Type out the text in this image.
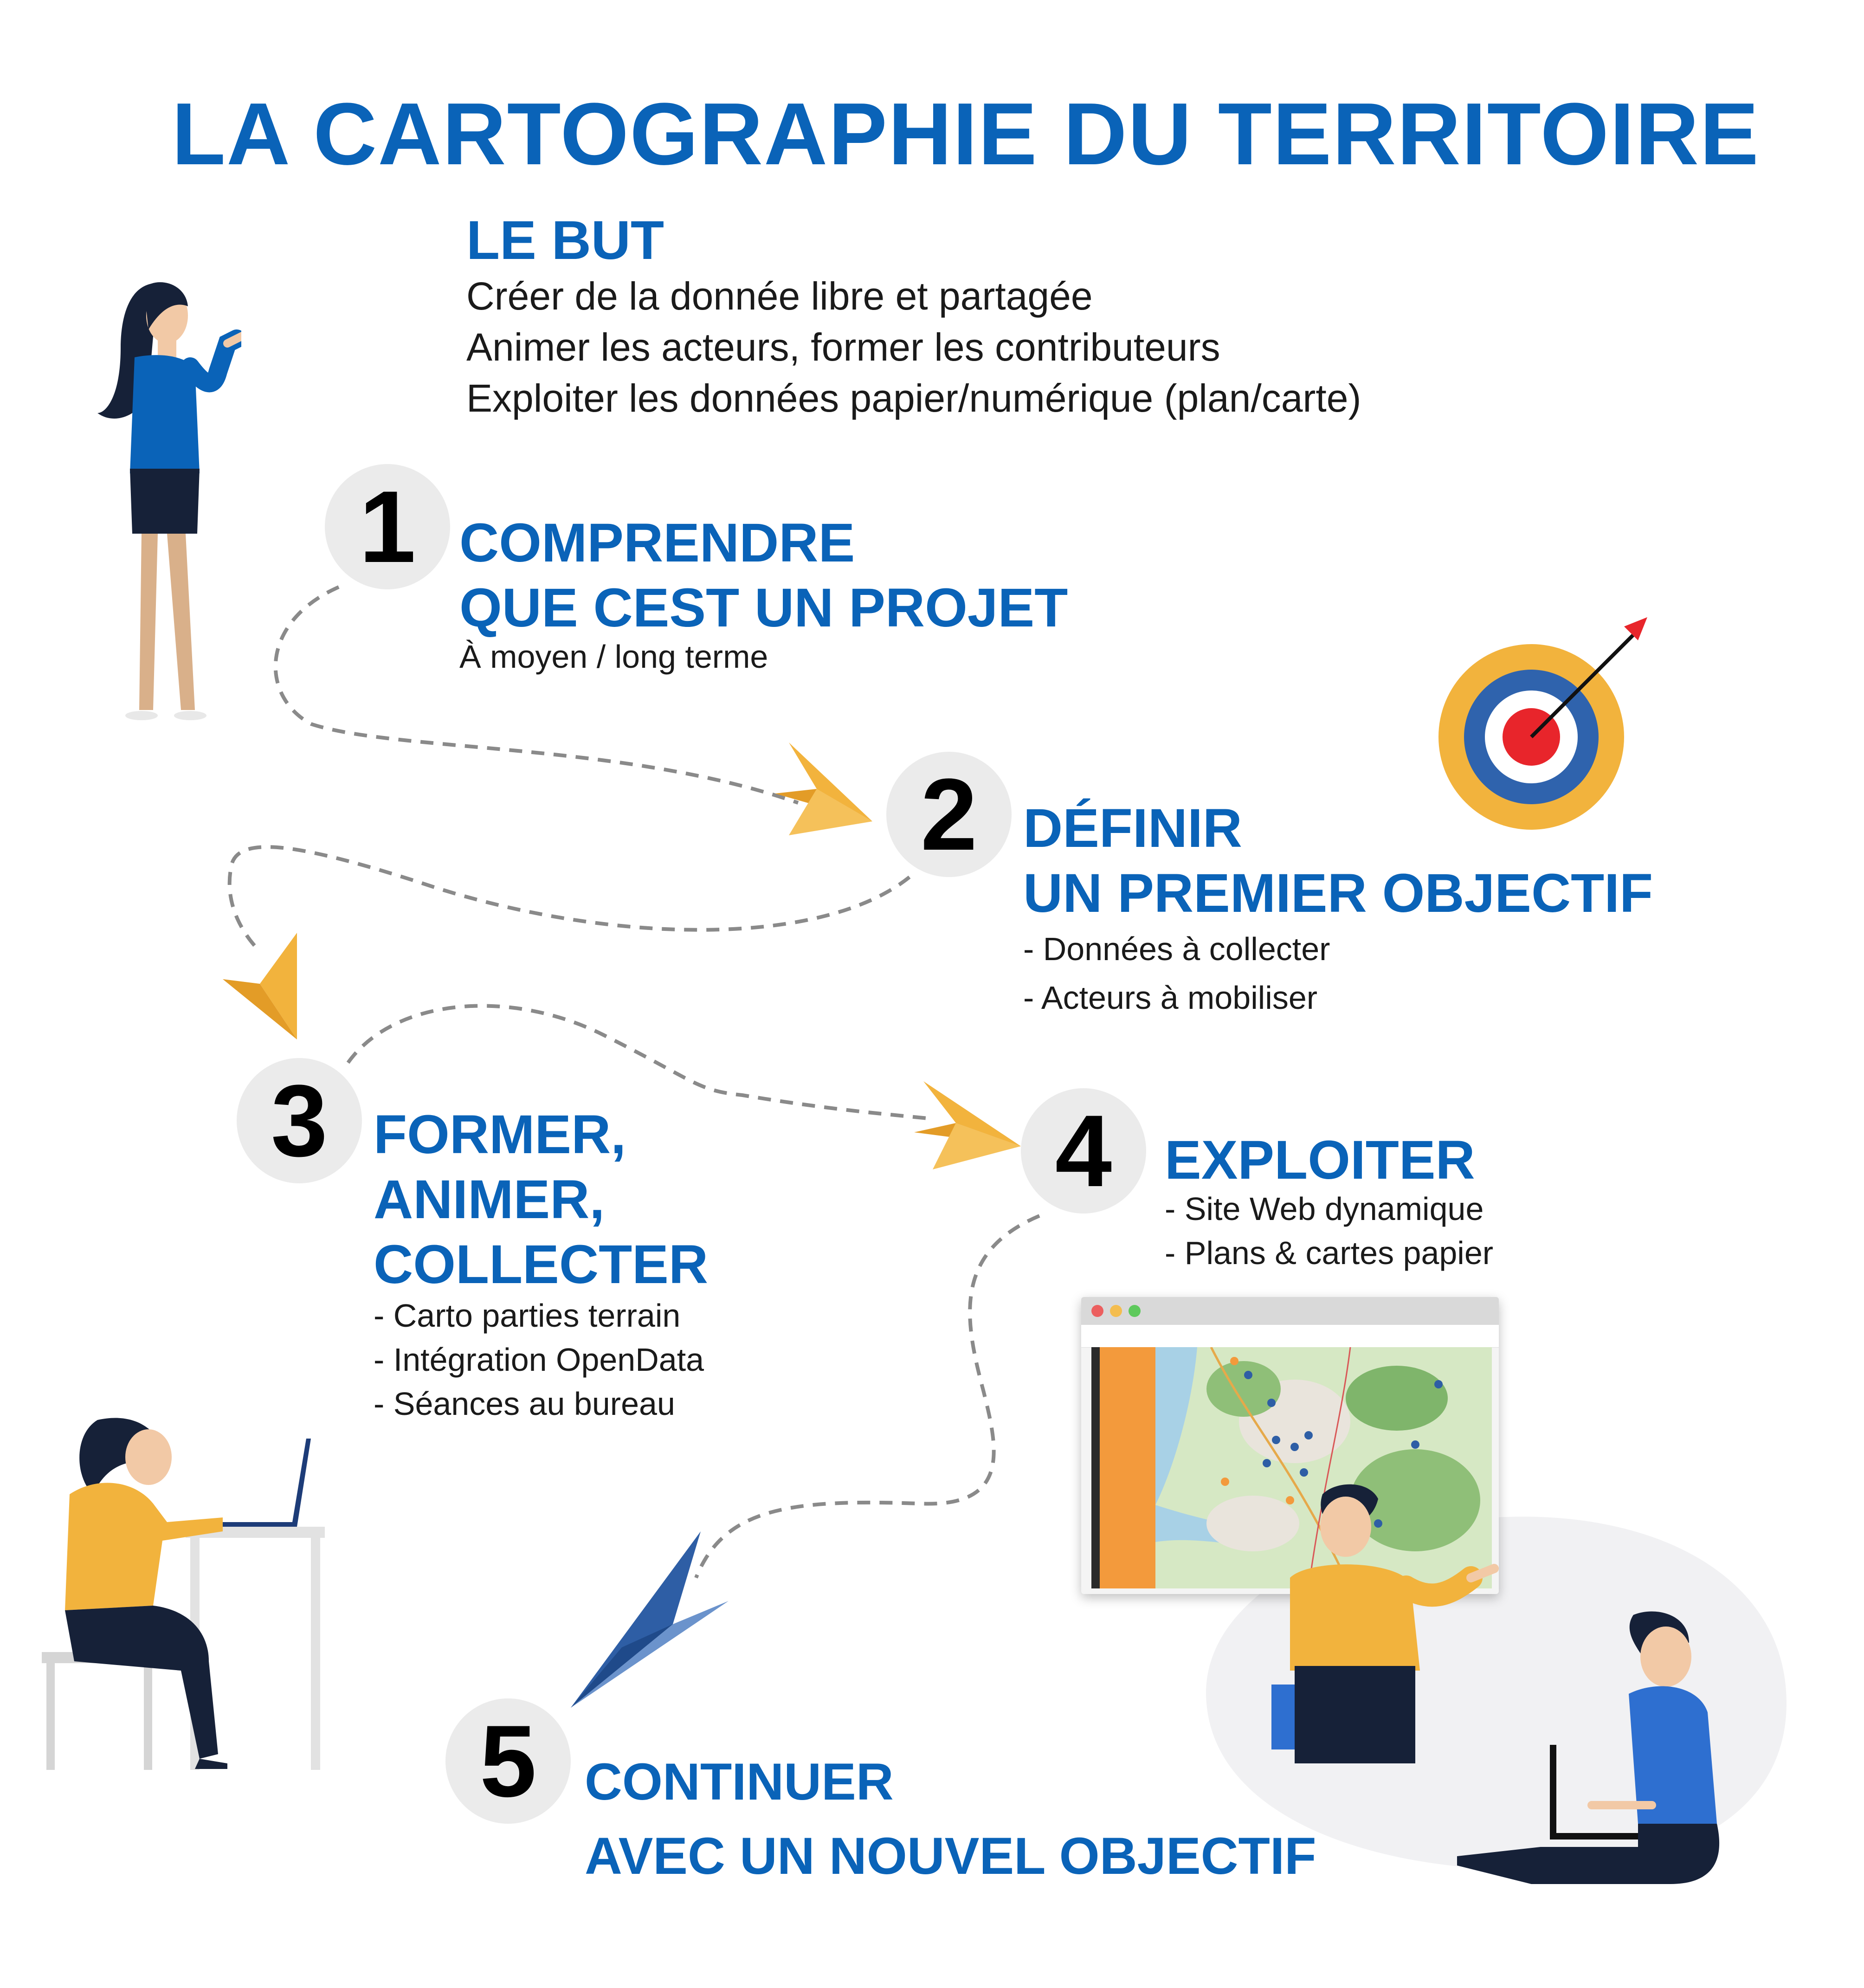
LA CARTOGRAPHIE DU TERRITOIRE
LE BUT
Créer de la donnée libre et partagée
Animer les acteurs, former les contributeurs
Exploiter les données papier/numérique (plan/carte)
1 COMPRENDRE
QUE CEST UN PROJET
À moyen / long terme
2 DÉFINIR
UN PREMIER OBJECTIF
- Données à collecter
- Acteurs à mobiliser
3 FORMER,
ANIMER,
COLLECTER
- Carto parties terrain
- Intégration OpenData
- Séances au bureau
4 EXPLOITER
- Site Web dynamique
- Plans & cartes papier
5 CONTINUER
AVEC UN NOUVEL OBJECTIF
